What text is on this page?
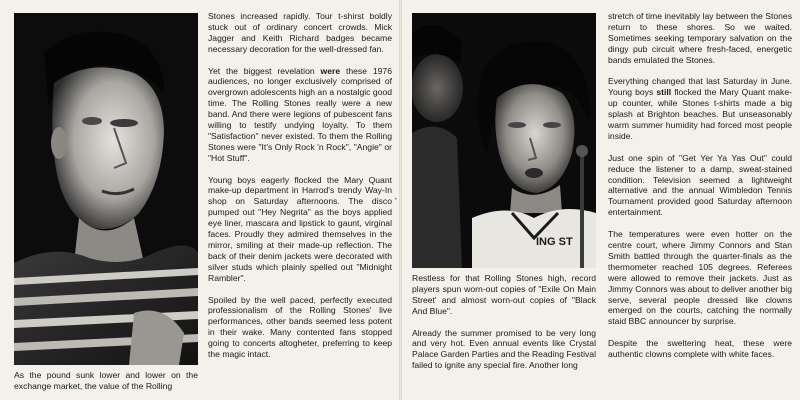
As the pound sunk lower and lower on the exchange market, the value of the Rolling

Stones increased rapidly. Tour t-shirst boldly stuck out of ordinary concert crowds. Mick Jagger and Keith Richard badges became necessary decoration for the well-dressed fan.

Yet the biggest revelation were these 1976 audiences, no longer exclusively comprised of overgrown adolescents high an a nostalgic good time. The Rolling Stones really were a new band. And there were legions of pubescent fans willing to testify undying loyalty. To them "Satisfaction" never existed. To them the Rolling Stones were "It's Only Rock 'n Rock", "Angie" or "Hot Stuff".

Young boys eagerly flocked the Mary Quant make-up department in Harrod's trendy Way-In shop on Saturday afternoons. The disco pumped out "Hey Negrita" as the boys applied eye liner, mascara and lipstick to gaunt, virginal faces. Proudly they admired themselves in the mirror, smiling at their made-up reflection. The back of their denim jackets were decorated with silver studs which plainly spelled out "Midnight Rambler".

Spoiled by the well paced, perfectly executed professionalism of the Rolling Stones' live performances, other bands seemed less potent in their wake. Many contented fans stopped going to concerts altogheter, preferring to keep the magic intact.

•
ING ST

Restless for that Rolling Stones high, record players spun worn-out copies of "Exile On Main Street' and almost worn-out copies of "Black And Blue".

Already the summer promised to be very long and very hot. Even annual events like Crystal Palace Garden Parties and the Reading Festival failed to ignite any special fire. Another long

stretch of time inevitably lay between the Stones return to these shores. So we waited. Sometimes seeking temporary salvation on the dingy pub circuit where fresh-faced, energetic bands emulated the Stones.

Everything changed that last Saturday in June. Young boys still flocked the Mary Quant make-up counter, while Stones t-shirts made a big splash at Brighton beaches. But unseasonably warm summer humidity had forced most people inside.

Just one spin of "Get Yer Ya Yas Out" could reduce the listener to a damp, sweat-stained condition. Television seemed a lightweight alternative and the annual Wimbledon Tennis Tournament provided good Saturday afternoon entertainment.

The temperatures were even hotter on the centre court, where Jimmy Connors and Stan Smith battled through the quarter-finals as the thermometer reached 105 degrees. Referees were allowed to remove their jackets. Just as Jimmy Connors was about to deliver another big serve, several people dressed like clowns emerged on the courts, catching the normally staid BBC announcer by surprise.

Despite the sweltering heat, these were authentic clowns complete with white faces.
